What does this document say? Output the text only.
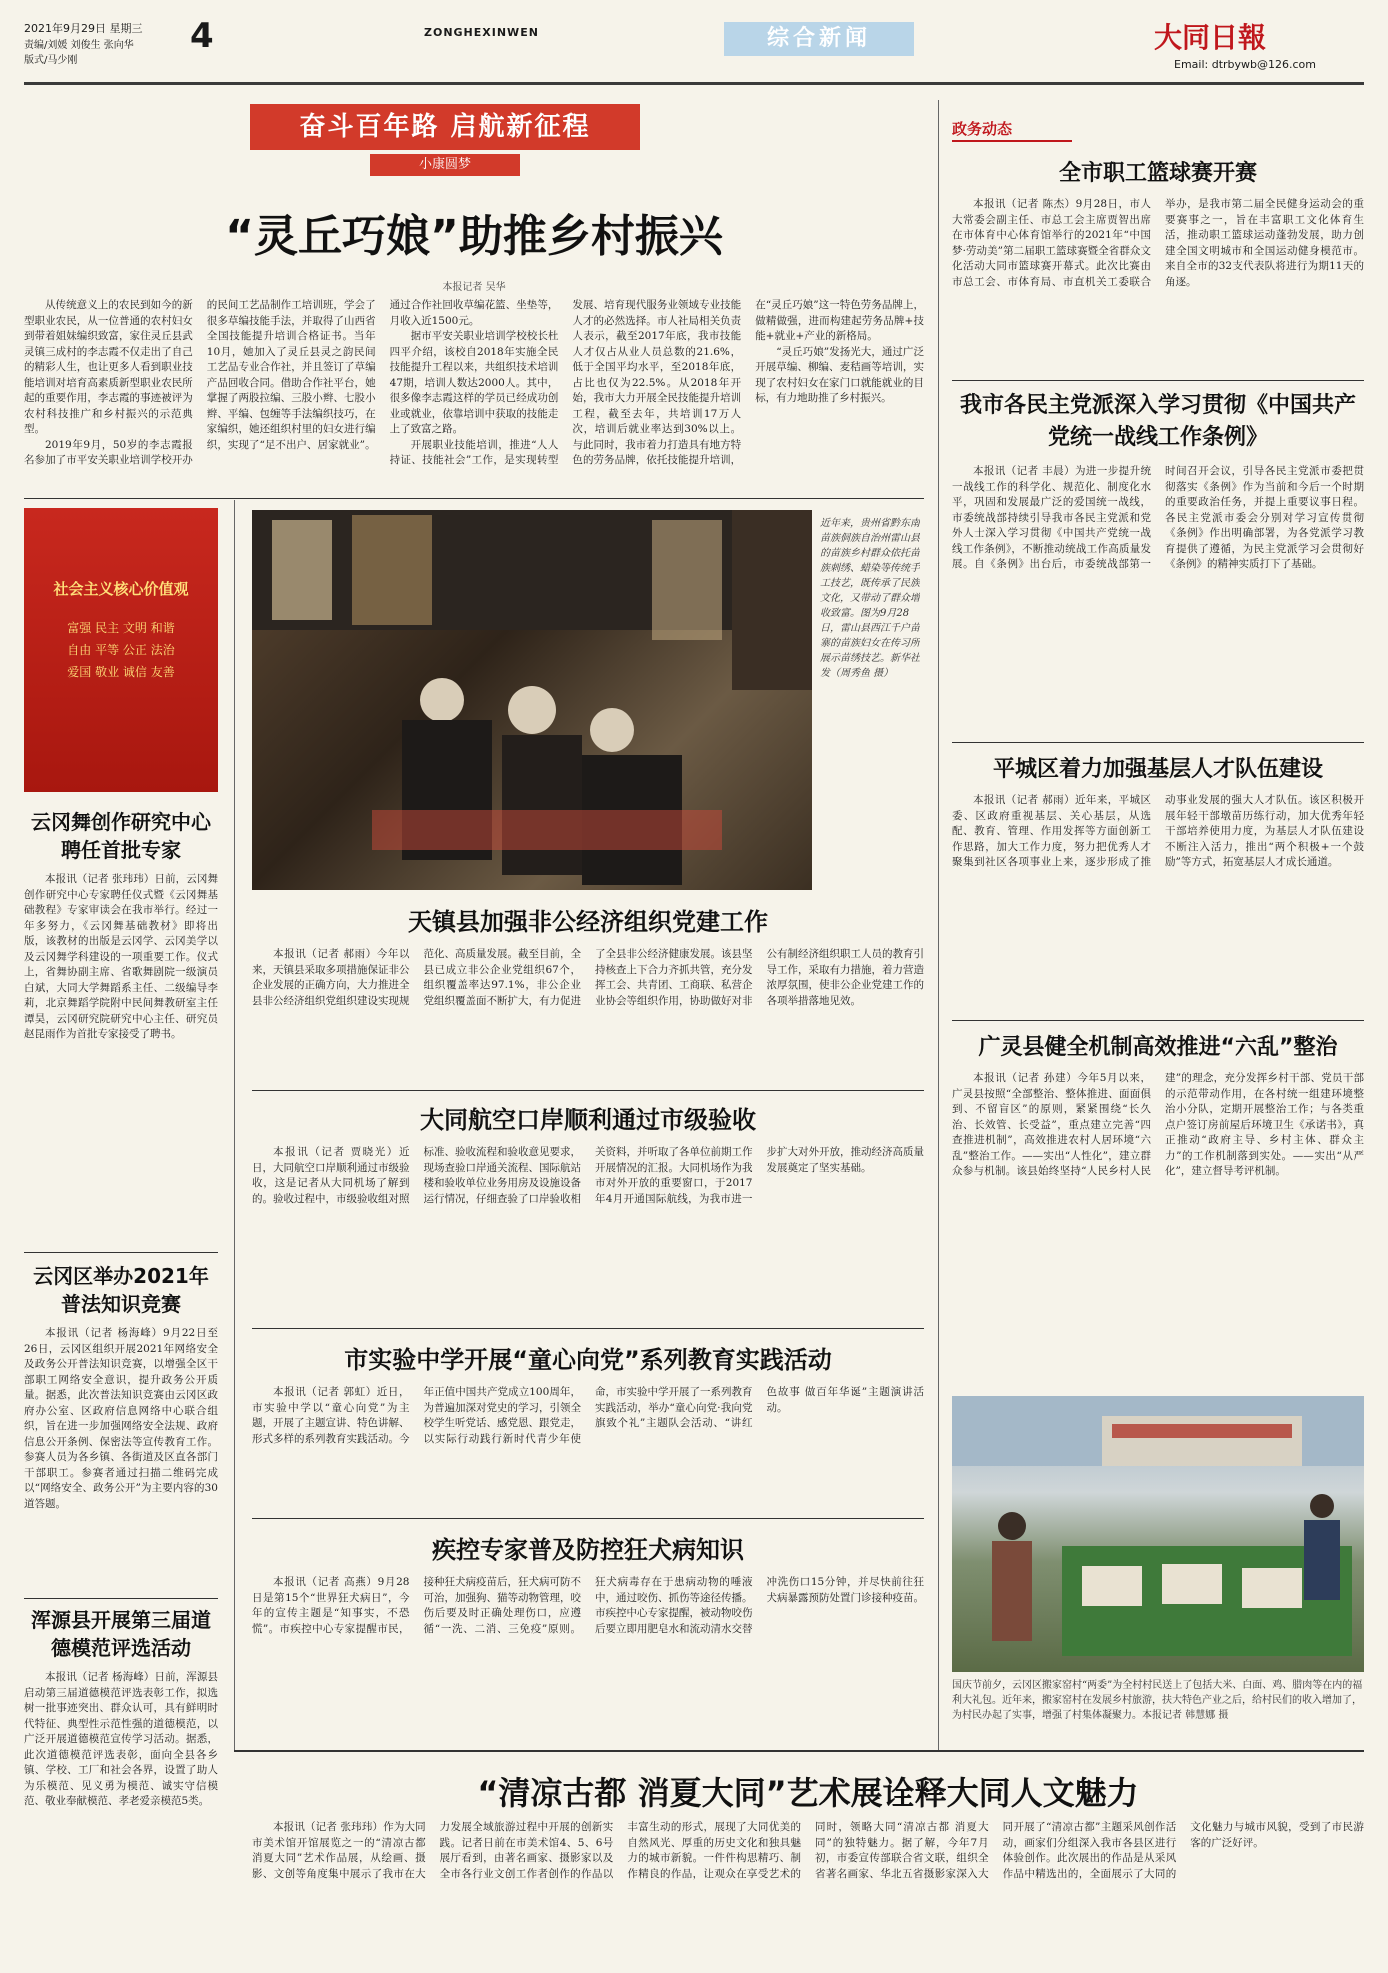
2021年9月29日 星期三
责编/刘媛 刘俊生 张向华
版式/马少刚
4	ZONGHEXINWEN	综合新闻	大同日報
Email: dtrbywb@126.com
奋斗百年路 启航新征程
小康圆梦
“灵丘巧娘”助推乡村振兴
本报记者 吴华

从传统意义上的农民到如今的新型职业农民，从一位普通的农村妇女到带着姐妹编织致富，家住灵丘县武灵镇三成村的李志霞不仅走出了自己的精彩人生，也让更多人看到职业技能培训对培育高素质新型职业农民所起的重要作用，李志霞的事迹被评为农村科技推广和乡村振兴的示范典型。

2019年9月，50岁的李志霞报名参加了市平安关职业培训学校开办的民间工艺品制作工培训班，学会了很多草编技能手法，并取得了山西省全国技能提升培训合格证书。当年10月，她加入了灵丘县灵之韵民间工艺品专业合作社，并且签订了草编产品回收合同。借助合作社平台，她掌握了两股拉编、三股小辫、七股小辫、平编、包缠等手法编织技巧，在家编织，她还组织村里的妇女进行编织，实现了“足不出户、居家就业”。通过合作社回收草编花篮、坐垫等，月收入近1500元。

据市平安关职业培训学校校长杜四平介绍，该校自2018年实施全民技能提升工程以来，共组织技术培训47期，培训人数达2000人。其中，很多像李志霞这样的学员已经成功创业或就业，依靠培训中获取的技能走上了致富之路。

开展职业技能培训，推进“人人持证、技能社会”工作，是实现转型发展、培育现代服务业领域专业技能人才的必然选择。市人社局相关负责人表示，截至2017年底，我市技能人才仅占从业人员总数的21.6%，低于全国平均水平，至2018年底，占比也仅为22.5%。从2018年开始，我市大力开展全民技能提升培训工程，截至去年，共培训17万人次，培训后就业率达到30%以上。与此同时，我市着力打造具有地方特色的劳务品牌，依托技能提升培训，在“灵丘巧娘”这一特色劳务品牌上，做精做强，进而构建起劳务品牌+技能+就业+产业的新格局。

“灵丘巧娘”发扬光大，通过广泛开展草编、柳编、麦秸画等培训，实现了农村妇女在家门口就能就业的目标，有力地助推了乡村振兴。

社会主义核心价值观
富强 民主 文明 和谐
自由 平等 公正 法治
爱国 敬业 诚信 友善
云冈舞创作研究中心聘任首批专家
本报讯（记者 张玮玮）日前，云冈舞创作研究中心专家聘任仪式暨《云冈舞基础教程》专家审读会在我市举行。经过一年多努力，《云冈舞基础教材》即将出版，该教材的出版是云冈学、云冈美学以及云冈舞学科建设的一项重要工作。仪式上，省舞协副主席、省歌舞剧院一级演员白斌，大同大学舞蹈系主任、二级编导李莉，北京舞蹈学院附中民间舞教研室主任谭昊，云冈研究院研究中心主任、研究员赵昆雨作为首批专家接受了聘书。
云冈区举办2021年普法知识竞赛
本报讯（记者 杨海峰）9月22日至26日，云冈区组织开展2021年网络安全及政务公开普法知识竞赛，以增强全区干部职工网络安全意识，提升政务公开质量。据悉，此次普法知识竞赛由云冈区政府办公室、区政府信息网络中心联合组织，旨在进一步加强网络安全法规、政府信息公开条例、保密法等宣传教育工作。参赛人员为各乡镇、各街道及区直各部门干部职工。参赛者通过扫描二维码完成以“网络安全、政务公开”为主要内容的30道答题。
浑源县开展第三届道德模范评选活动
本报讯（记者 杨海峰）日前，浑源县启动第三届道德模范评选表彰工作，拟选树一批事迹突出、群众认可，具有鲜明时代特征、典型性示范性强的道德模范，以广泛开展道德模范宣传学习活动。据悉，此次道德模范评选表彰，面向全县各乡镇、学校、工厂和社会各界，设置了助人为乐模范、见义勇为模范、诚实守信模范、敬业奉献模范、孝老爱亲模范5类。
近年来，贵州省黔东南苗族侗族自治州雷山县的苗族乡村群众依托苗族刺绣、蜡染等传统手工技艺，既传承了民族文化，又带动了群众增收致富。图为9月28日，雷山县西江千户苗寨的苗族妇女在传习所展示苗绣技艺。新华社发（周秀鱼 摄）
天镇县加强非公经济组织党建工作
本报讯（记者 郝雨）今年以来，天镇县采取多项措施保证非公企业发展的正确方向，大力推进全县非公经济组织党组织建设实现规范化、高质量发展。截至目前，全县已成立非公企业党组织67个，组织覆盖率达97.1%，非公企业党组织覆盖面不断扩大，有力促进了全县非公经济健康发展。该县坚持核查上下合力齐抓共管，充分发挥工会、共青团、工商联、私营企业协会等组织作用，协助做好对非公有制经济组织职工人员的教育引导工作，采取有力措施，着力营造浓厚氛围，使非公企业党建工作的各项举措落地见效。
大同航空口岸顺利通过市级验收
本报讯（记者 贾晓光）近日，大同航空口岸顺利通过市级验收，这是记者从大同机场了解到的。验收过程中，市级验收组对照标准、验收流程和验收意见要求，现场查验口岸通关流程、国际航站楼和验收单位业务用房及设施设备运行情况，仔细查验了口岸验收相关资料，并听取了各单位前期工作开展情况的汇报。大同机场作为我市对外开放的重要窗口，于2017年4月开通国际航线，为我市进一步扩大对外开放，推动经济高质量发展奠定了坚实基础。
市实验中学开展“童心向党”系列教育实践活动
本报讯（记者 郭虹）近日，市实验中学以“童心向党”为主题，开展了主题宣讲、特色讲解、形式多样的系列教育实践活动。今年正值中国共产党成立100周年，为普遍加深对党史的学习，引领全校学生听党话、感党恩、跟党走，以实际行动践行新时代青少年使命，市实验中学开展了一系列教育实践活动，举办“童心向党·我向党旗致个礼”主题队会活动、“讲红色故事 做百年华诞”主题演讲活动。
疾控专家普及防控狂犬病知识
本报讯（记者 高燕）9月28日是第15个“世界狂犬病日”，今年的宣传主题是“知事实，不恐慌”。市疾控中心专家提醒市民，接种狂犬病疫苗后，狂犬病可防不可治，加强狗、猫等动物管理，咬伤后要及时正确处理伤口，应遵循“一洗、二消、三免疫”原则。狂犬病毒存在于患病动物的唾液中，通过咬伤、抓伤等途径传播。市疾控中心专家提醒，被动物咬伤后要立即用肥皂水和流动清水交替冲洗伤口15分钟，并尽快前往狂犬病暴露预防处置门诊接种疫苗。
政务动态
全市职工篮球赛开赛
本报讯（记者 陈杰）9月28日，市人大常委会副主任、市总工会主席贾智出席在市体育中心体育馆举行的2021年“中国梦·劳动美”第二届职工篮球赛暨全省群众文化活动大同市篮球赛开幕式。此次比赛由市总工会、市体育局、市直机关工委联合举办，是我市第二届全民健身运动会的重要赛事之一，旨在丰富职工文化体育生活，推动职工篮球运动蓬勃发展，助力创建全国文明城市和全国运动健身模范市。来自全市的32支代表队将进行为期11天的角逐。
我市各民主党派深入学习贯彻《中国共产党统一战线工作条例》
本报讯（记者 丰晨）为进一步提升统一战线工作的科学化、规范化、制度化水平，巩固和发展最广泛的爱国统一战线，市委统战部持续引导我市各民主党派和党外人士深入学习贯彻《中国共产党统一战线工作条例》，不断推动统战工作高质量发展。自《条例》出台后，市委统战部第一时间召开会议，引导各民主党派市委把贯彻落实《条例》作为当前和今后一个时期的重要政治任务，并提上重要议事日程。各民主党派市委会分别对学习宣传贯彻《条例》作出明确部署，为各党派学习教育提供了遵循，为民主党派学习会贯彻好《条例》的精神实质打下了基础。
平城区着力加强基层人才队伍建设
本报讯（记者 郝雨）近年来，平城区委、区政府重视基层、关心基层，从选配、教育、管理、作用发挥等方面创新工作思路，加大工作力度，努力把优秀人才聚集到社区各项事业上来，逐步形成了推动事业发展的强大人才队伍。该区积极开展年轻干部墩苗历练行动，加大优秀年轻干部培养使用力度，为基层人才队伍建设不断注入活力，推出“两个积极+一个鼓励”等方式，拓宽基层人才成长通道。
广灵县健全机制高效推进“六乱”整治
本报讯（记者 孙建）今年5月以来，广灵县按照“全部整治、整体推进、面面俱到、不留盲区”的原则，紧紧围绕“长久治、长效管、长受益”，重点建立完善“四查推进机制”，高效推进农村人居环境“六乱”整治工作。——实出“人性化”，建立群众参与机制。该县始终坚持“人民乡村人民建”的理念，充分发挥乡村干部、党员干部的示范带动作用，在各村统一组建环境整治小分队，定期开展整治工作；与各类重点户签订房前屋后环境卫生《承诺书》，真正推动“政府主导、乡村主体、群众主力”的工作机制落到实处。——实出“从严化”，建立督导考评机制。
国庆节前夕，云冈区搬家窑村“两委”为全村村民送上了包括大米、白面、鸡、腊肉等在内的福利大礼包。近年来，搬家窑村在发展乡村旅游，扶大特色产业之后，给村民们的收入增加了，为村民办起了实事，增强了村集体凝聚力。本报记者 韩慧娜 摄
“清凉古都 消夏大同”艺术展诠释大同人文魅力
本报讯（记者 张玮玮）作为大同市美术馆开馆展览之一的“清凉古都 消夏大同”艺术作品展，从绘画、摄影、文创等角度集中展示了我市在大力发展全域旅游过程中开展的创新实践。记者日前在市美术馆4、5、6号展厅看到，由著名画家、摄影家以及全市各行业文创工作者创作的作品以丰富生动的形式，展现了大同优美的自然风光、厚重的历史文化和独具魅力的城市新貌。一件件构思精巧、制作精良的作品，让观众在享受艺术的同时，领略大同“清凉古都 消夏大同”的独特魅力。据了解，今年7月初，市委宣传部联合省文联，组织全省著名画家、华北五省摄影家深入大同开展了“清凉古都”主题采风创作活动，画家们分组深入我市各县区进行体验创作。此次展出的作品是从采风作品中精选出的，全面展示了大同的文化魅力与城市风貌，受到了市民游客的广泛好评。
